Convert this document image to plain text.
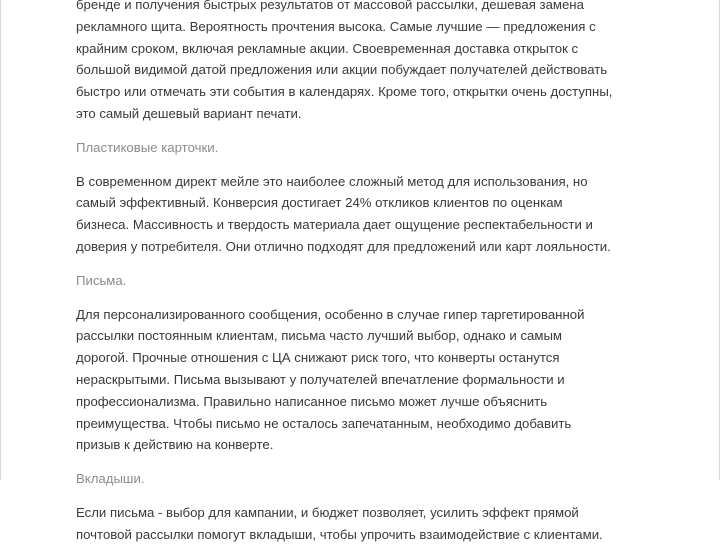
бренде и получения быстрых результатов от массовой рассылки, дешевая замена
рекламного щита. Вероятность прочтения высока. Самые лучшие — предложения с
крайним сроком, включая рекламные акции. Своевременная доставка открыток с
большой видимой датой предложения или акции побуждает получателей действовать
быстро или отмечать эти события в календарях. Кроме того, открытки очень доступны,
это самый дешевый вариант печати.

Пластиковые карточки.

В современном директ мейле это наиболее сложный метод для использования, но
самый эффективный. Конверсия достигает 24% откликов клиентов по оценкам
бизнеса. Массивность и твердость материала дает ощущение респектабельности и
доверия у потребителя. Они отлично подходят для предложений или карт лояльности.

Письма.

Для персонализированного сообщения, особенно в случае гипер таргетированной
рассылки постоянным клиентам, письма часто лучший выбор, однако и самым
дорогой. Прочные отношения с ЦА снижают риск того, что конверты останутся
нераскрытыми. Письма вызывают у получателей впечатление формальности и
профессионализма. Правильно написанное письмо может лучше объяснить
преимущества. Чтобы письмо не осталось запечатанным, необходимо добавить
призыв к действию на конверте.

Вкладыши.

Если письма - выбор для кампании, и бюджет позволяет, усилить эффект прямой
почтовой рассылки помогут вкладыши, чтобы упрочить взаимодействие с клиентами.
